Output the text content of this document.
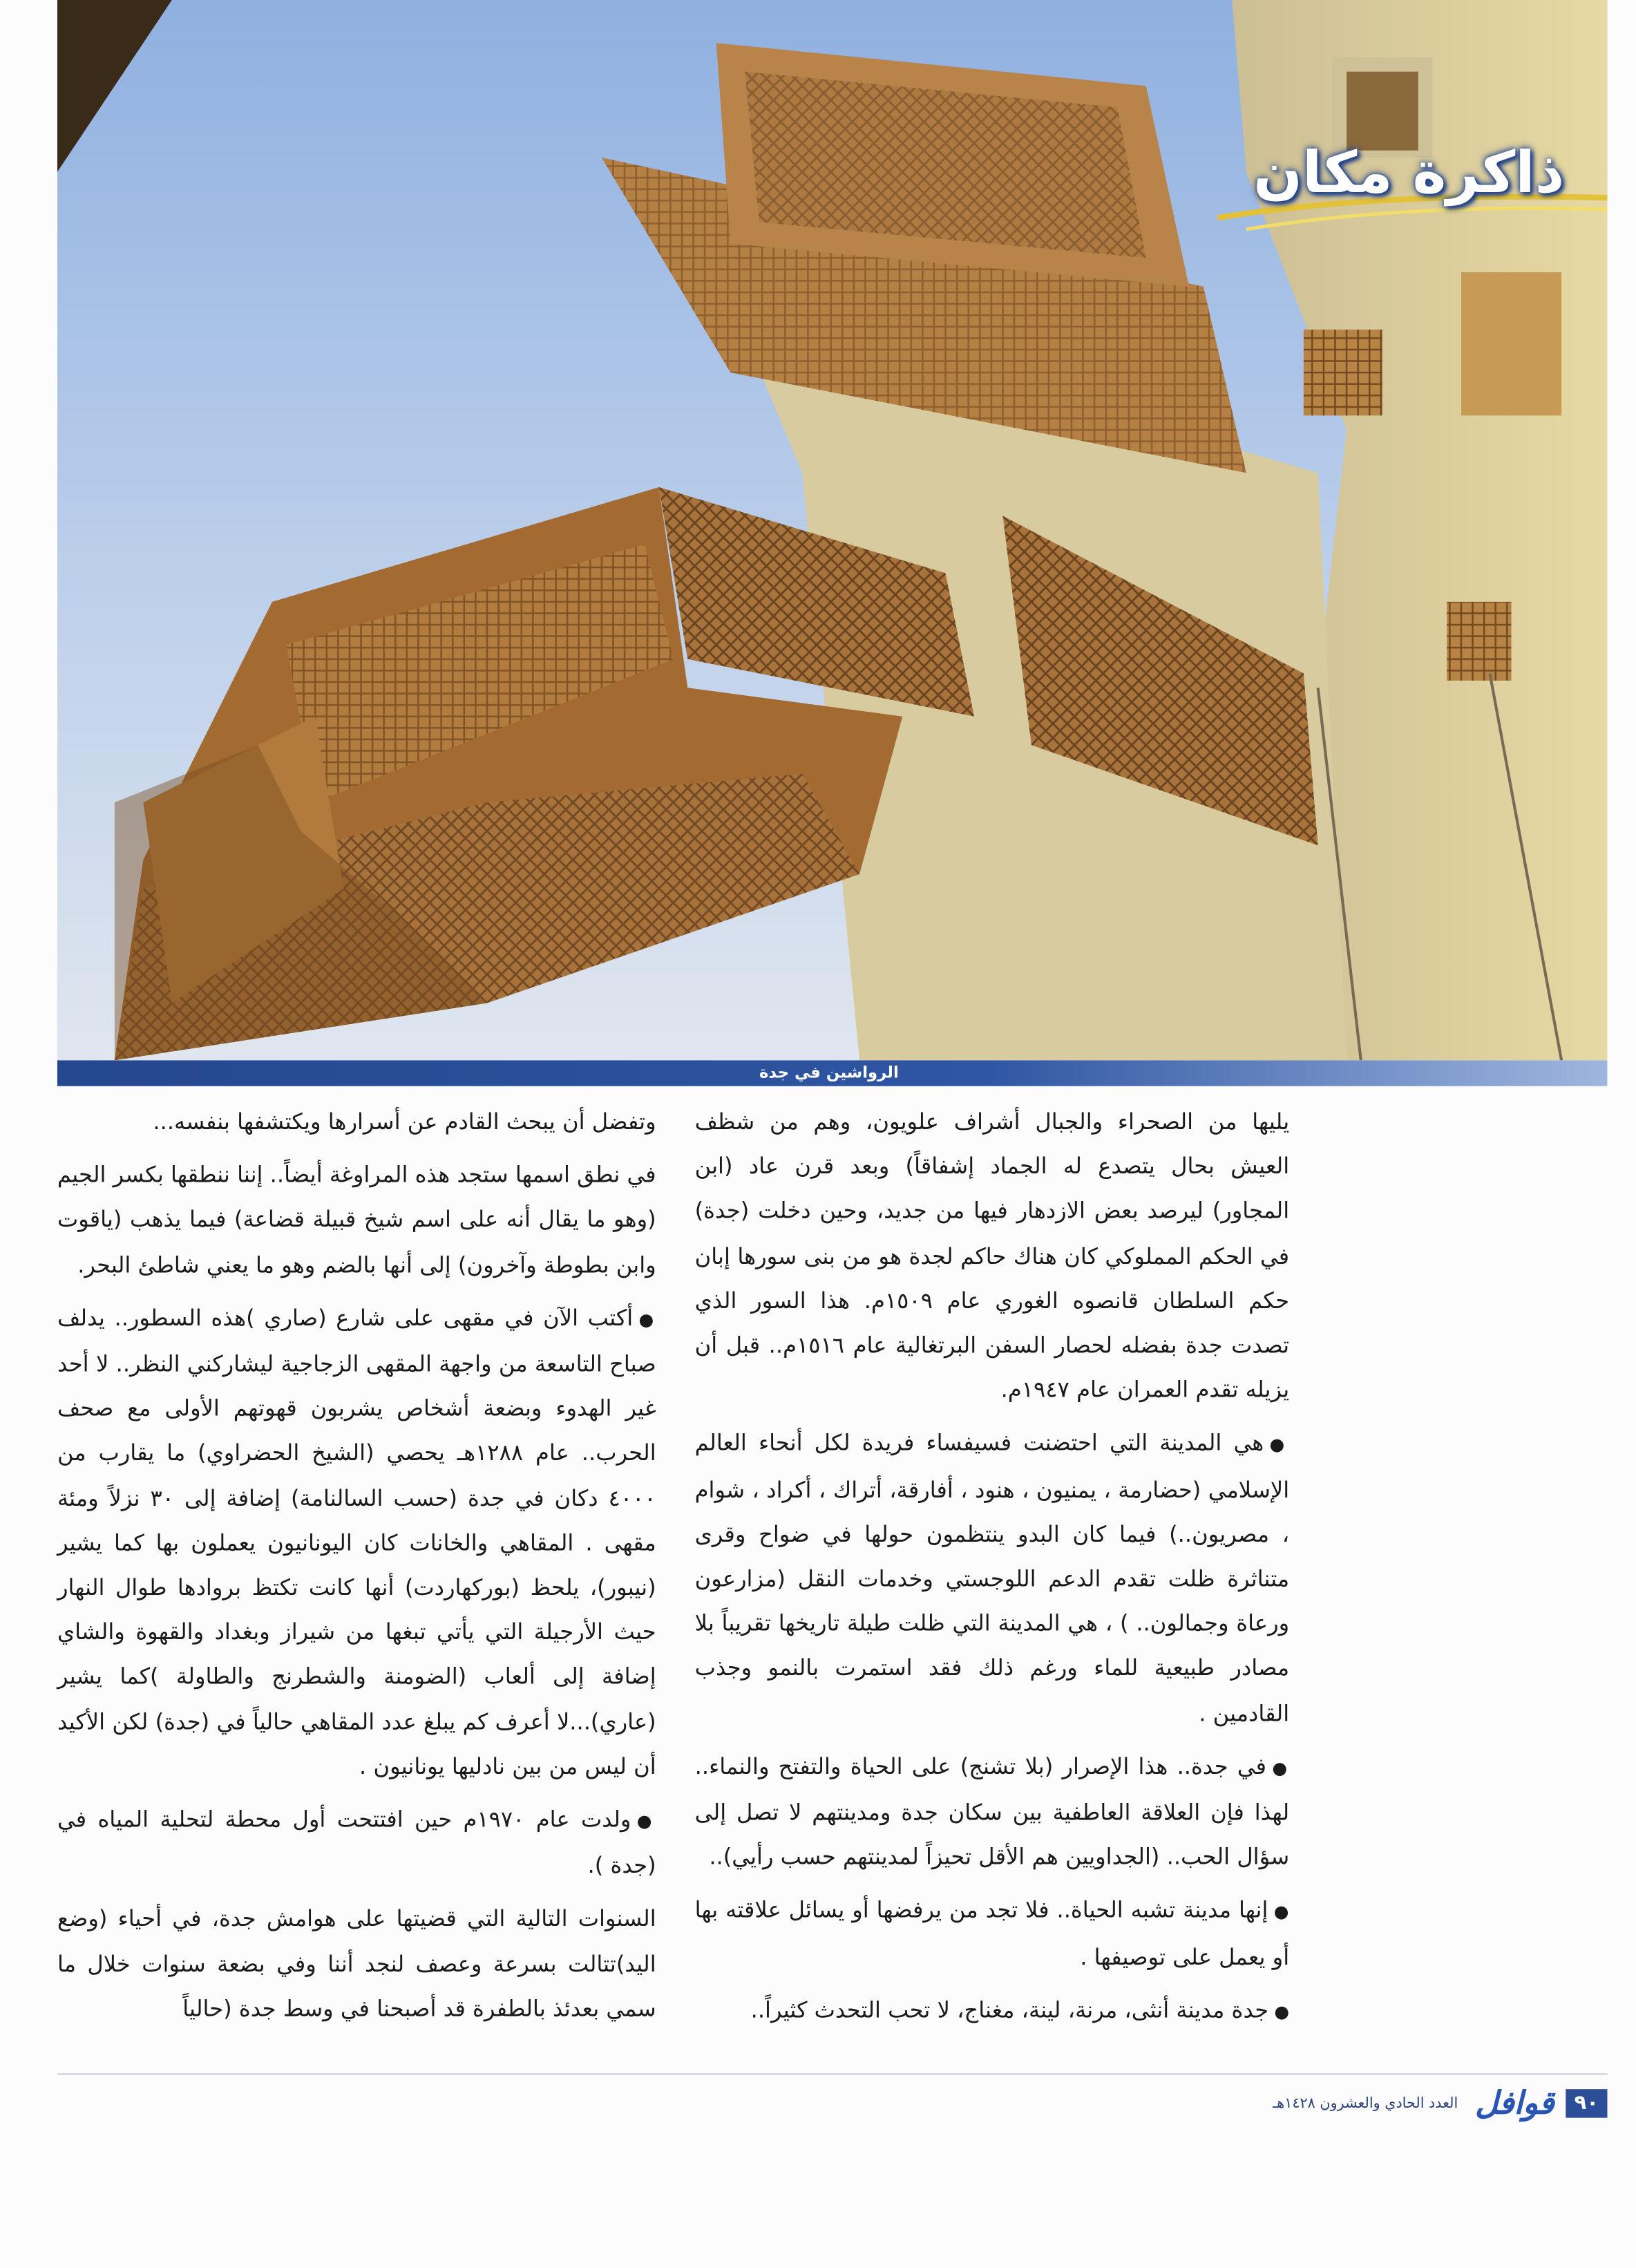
ذاكرة مكان
الرواشين في جدة

يليها من الصحراء والجبال أشراف علويون، وهم من شظف العيش بحال يتصدع له الجماد إشفاقاً) وبعد قرن عاد (ابن المجاور) ليرصد بعض الازدهار فيها من جديد، وحين دخلت (جدة) في الحكم المملوكي كان هناك حاكم لجدة هو من بنى سورها إبان حكم السلطان قانصوه الغوري عام ١٥٠٩م. هذا السور الذي تصدت جدة بفضله لحصار السفن البرتغالية عام ١٥١٦م.. قبل أن يزيله تقدم العمران عام ١٩٤٧م.

●هي المدينة التي احتضنت فسيفساء فريدة لكل أنحاء العالم الإسلامي (حضارمة ، يمنيون ، هنود ، أفارقة، أتراك ، أكراد ، شوام ، مصريون..) فيما كان البدو ينتظمون حولها في ضواح وقرى متناثرة ظلت تقدم الدعم اللوجستي وخدمات النقل (مزارعون ورعاة وجمالون.. ) ، هي المدينة التي ظلت طيلة تاريخها تقريباً بلا مصادر طبيعية للماء ورغم ذلك فقد استمرت بالنمو وجذب القادمين .

●في جدة.. هذا الإصرار (بلا تشنج) على الحياة والتفتح والنماء.. لهذا فإن العلاقة العاطفية بين سكان جدة ومدينتهم لا تصل إلى سؤال الحب.. (الجداويين هم الأقل تحيزاً لمدينتهم حسب رأيي)..

●إنها مدينة تشبه الحياة.. فلا تجد من يرفضها أو يسائل علاقته بها أو يعمل على توصيفها .

●جدة مدينة أنثى، مرنة، لينة، مغناج، لا تحب التحدث كثيراً..

وتفضل أن يبحث القادم عن أسرارها ويكتشفها بنفسه...

في نطق اسمها ستجد هذه المراوغة أيضاً.. إننا ننطقها بكسر الجيم (وهو ما يقال أنه على اسم شيخ قبيلة قضاعة) فيما يذهب (ياقوت وابن بطوطة وآخرون) إلى أنها بالضم وهو ما يعني شاطئ البحر.

●أكتب الآن في مقهى على شارع (صاري )هذه السطور.. يدلف صباح التاسعة من واجهة المقهى الزجاجية ليشاركني النظر.. لا أحد غير الهدوء وبضعة أشخاص يشربون قهوتهم الأولى مع صحف الحرب.. عام ١٢٨٨هـ يحصي (الشيخ الحضراوي) ما يقارب من ٤٠٠٠ دكان في جدة (حسب السالنامة) إضافة إلى ٣٠ نزلاً ومئة مقهى . المقاهي والخانات كان اليونانيون يعملون بها كما يشير (نيبور)، يلحظ (بوركهاردت) أنها كانت تكتظ بروادها طوال النهار حيث الأرجيلة التي يأتي تبغها من شيراز وبغداد والقهوة والشاي إضافة إلى ألعاب (الضومنة والشطرنج والطاولة )كما يشير (عاري)...لا أعرف كم يبلغ عدد المقاهي حالياً في (جدة) لكن الأكيد أن ليس من بين نادليها يونانيون .

●ولدت عام ١٩٧٠م حين افتتحت أول محطة لتحلية المياه في (جدة ).

السنوات التالية التي قضيتها على هوامش جدة، في أحياء (وضع اليد)تتالت بسرعة وعصف لنجد أننا وفي بضعة سنوات خلال ما سمي بعدئذ بالطفرة قد أصبحنا في وسط جدة (حالياً

العدد الحادي والعشرون ١٤٢٨هـ	قوافل	٩٠
